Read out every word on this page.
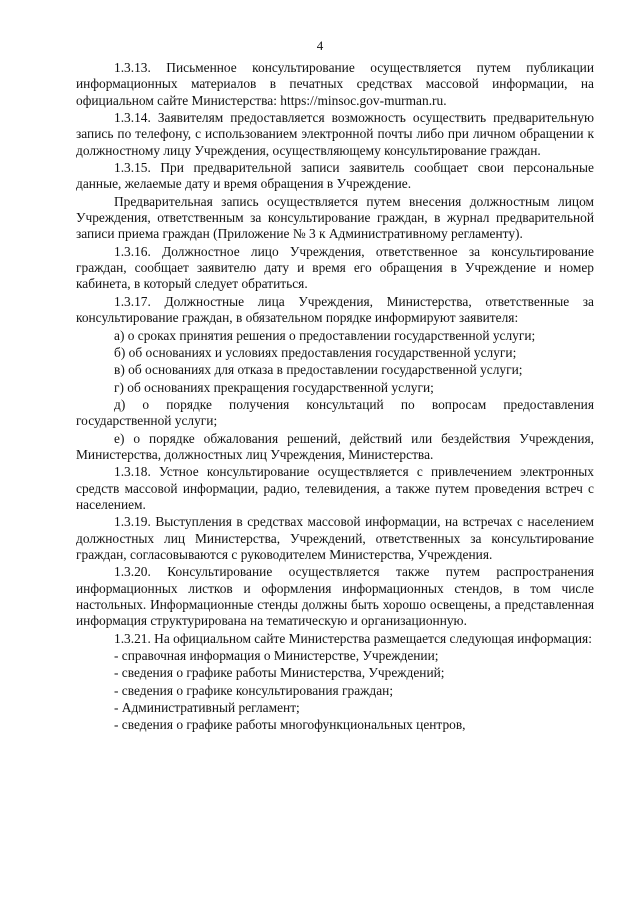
4

1.3.13. Письменное консультирование осуществляется путем публикации информационных материалов в печатных средствах массовой информации, на официальном сайте Министерства: https://minsoc.gov-murman.ru.

1.3.14. Заявителям предоставляется возможность осуществить предварительную запись по телефону, с использованием электронной почты либо при личном обращении к должностному лицу Учреждения, осуществляющему консультирование граждан.

1.3.15. При предварительной записи заявитель сообщает свои персональные данные, желаемые дату и время обращения в Учреждение.

Предварительная запись осуществляется путем внесения должностным лицом Учреждения, ответственным за консультирование граждан, в журнал предварительной записи приема граждан (Приложение № 3 к Административному регламенту).

1.3.16. Должностное лицо Учреждения, ответственное за консультирование граждан, сообщает заявителю дату и время его обращения в Учреждение и номер кабинета, в который следует обратиться.

1.3.17. Должностные лица Учреждения, Министерства, ответственные за консультирование граждан, в обязательном порядке информируют заявителя:

а) о сроках принятия решения о предоставлении государственной услуги;

б) об основаниях и условиях предоставления государственной услуги;

в) об основаниях для отказа в предоставлении государственной услуги;

г) об основаниях прекращения государственной услуги;

д) о порядке получения консультаций по вопросам предоставления государственной услуги;

е) о порядке обжалования решений, действий или бездействия Учреждения, Министерства, должностных лиц Учреждения, Министерства.

1.3.18. Устное консультирование осуществляется с привлечением электронных средств массовой информации, радио, телевидения, а также путем проведения встреч с населением.

1.3.19. Выступления в средствах массовой информации, на встречах с населением должностных лиц Министерства, Учреждений, ответственных за консультирование граждан, согласовываются с руководителем Министерства, Учреждения.

1.3.20. Консультирование осуществляется также путем распространения информационных листков и оформления информационных стендов, в том числе настольных. Информационные стенды должны быть хорошо освещены, а представленная информация структурирована на тематическую и организационную.

1.3.21. На официальном сайте Министерства размещается следующая информация:

- справочная информация о Министерстве, Учреждении;

- сведения о графике работы Министерства, Учреждений;

- сведения о графике консультирования граждан;

- Административный регламент;

- сведения о графике работы многофункциональных центров,
